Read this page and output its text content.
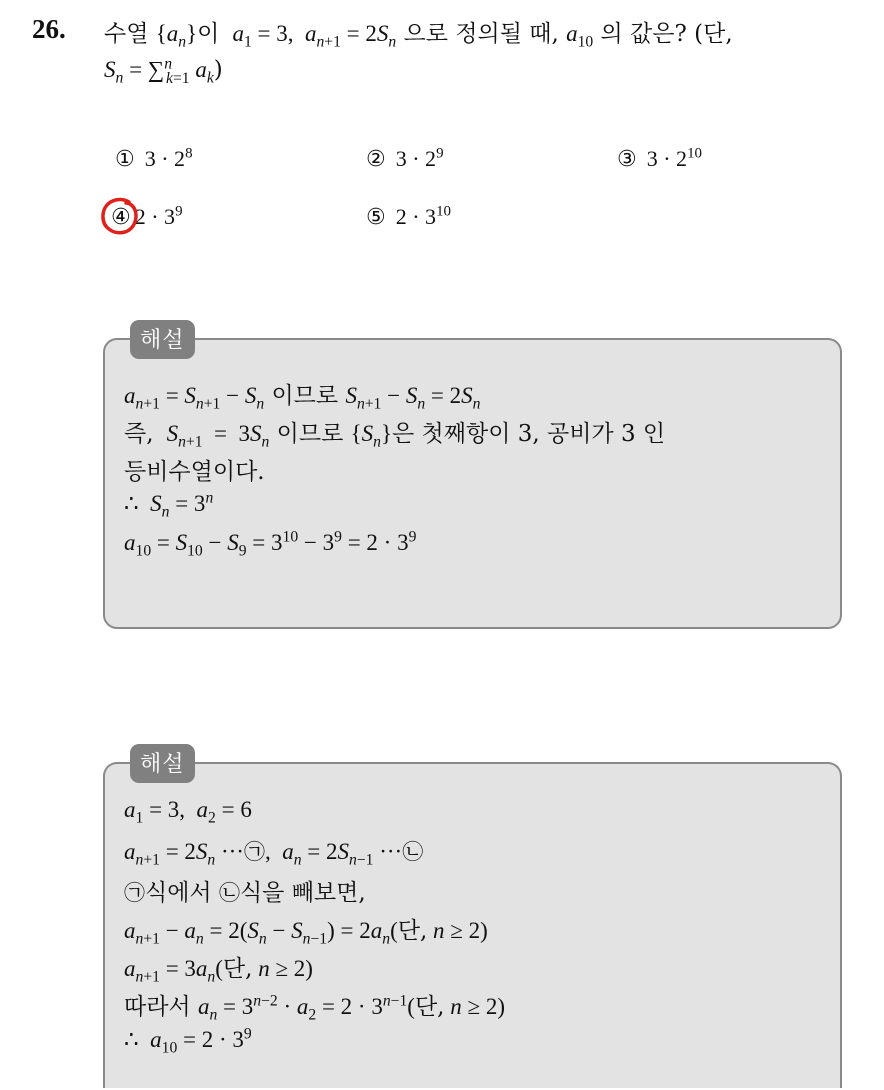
26. 수열 $\{a_n\}$이 $a_1 = 3$,  $a_{n+1} = 2S_n$ 으로 정의될 때, $a_{10}$ 의 값은? (단,
$S_n = \sum^n_{k=1}$ $a_k$)
① $3 \cdot 2^8$	② $3 \cdot 2^9$	③ $3 \cdot 2^{10}$
④ $2 \cdot 3^9$	⑤ $2 \cdot 3^{10}$
해설
$a_{n+1} = S_{n+1} - S_n$ 이므로 $S_{n+1} - S_n = 2S_n$
즉, $S_{n+1} = 3S_n$ 이므로 $\{S_n\}$은 첫째항이 3, 공비가 3 인
등비수열이다.
∴  $S_n = 3^n$
$a_{10} = S_{10} - S_9 = 3^{10} - 3^9 = 2 \cdot 3^9$
해설
$a_1 = 3$,  $a_2 = 6$
$a_{n+1} = 2S_n$ ···㉠,  $a_n = 2S_{n-1}$ ···㉡
㉠식에서 ㉡식을 빼보면,
$a_{n+1} - a_n = 2(S_n - S_{n-1}) = 2a_n$(단, n ≥ 2)
$a_{n+1} = 3a_n$(단, n ≥ 2)
따라서 $a_n = 3^{n-2} \cdot a_2 = 2 \cdot 3^{n-1}$(단, n ≥ 2)
∴  $a_{10} = 2 \cdot 3^9$
